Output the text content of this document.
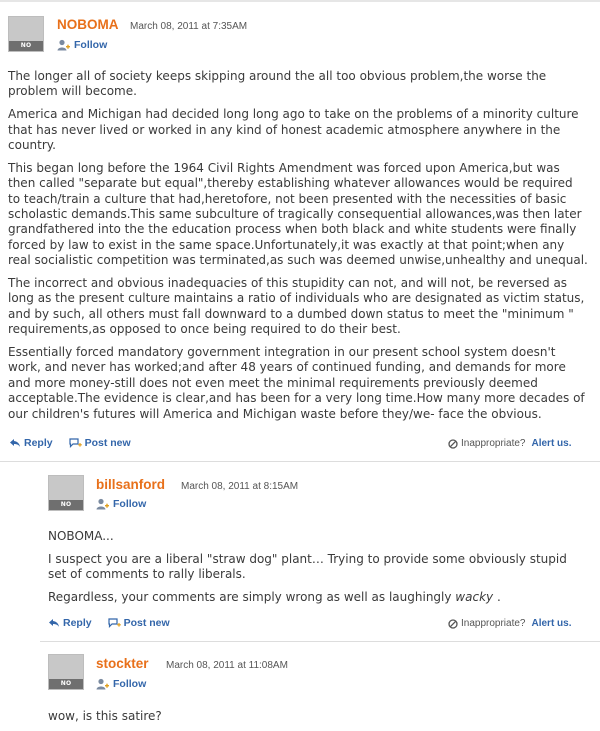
NO IMAGE
NOBOMA March 08, 2011 at 7:35AM
Follow

The longer all of society keeps skipping around the all too obvious problem,the worse the problem will become.

America and Michigan had decided long long ago to take on the problems of a minority culture that has never lived or worked in any kind of honest academic atmosphere anywhere in the country.

This began long before the 1964 Civil Rights Amendment was forced upon America,but was then called "separate but equal",thereby establishing whatever allowances would be required to teach/train a culture that had,heretofore, not been presented with the necessities of basic scholastic demands.This same subculture of tragically consequential allowances,was then later grandfathered into the the education process when both black and white students were finally forced by law to exist in the same space.Unfortunately,it was exactly at that point;when any real socialistic competition was terminated,as such was deemed unwise,unhealthy and unequal.

The incorrect and obvious inadequacies of this stupidity can not, and will not, be reversed as long as the present culture maintains a ratio of individuals who are designated as victim status, and by such, all others must fall downward to a dumbed down status to meet the "minimum " requirements,as opposed to once being required to do their best.

Essentially forced mandatory government integration in our present school system doesn't work, and never has worked;and after 48 years of continued funding, and demands for more and more money-still does not even meet the minimal requirements previously deemed acceptable.The evidence is clear,and has been for a very long time.How many more decades of our children's futures will America and Michigan waste before they/we- face the obvious.

Reply	Post new	Inappropriate? Alert us.
NO IMAGE
billsanford March 08, 2011 at 8:15AM
Follow

NOBOMA...

I suspect you are a liberal "straw dog" plant… Trying to provide some obviously stupid set of comments to rally liberals.

Regardless, your comments are simply wrong as well as laughingly wacky .

Reply	Post new	Inappropriate? Alert us.
NO IMAGE
stockter March 08, 2011 at 11:08AM
Follow

wow, is this satire?
